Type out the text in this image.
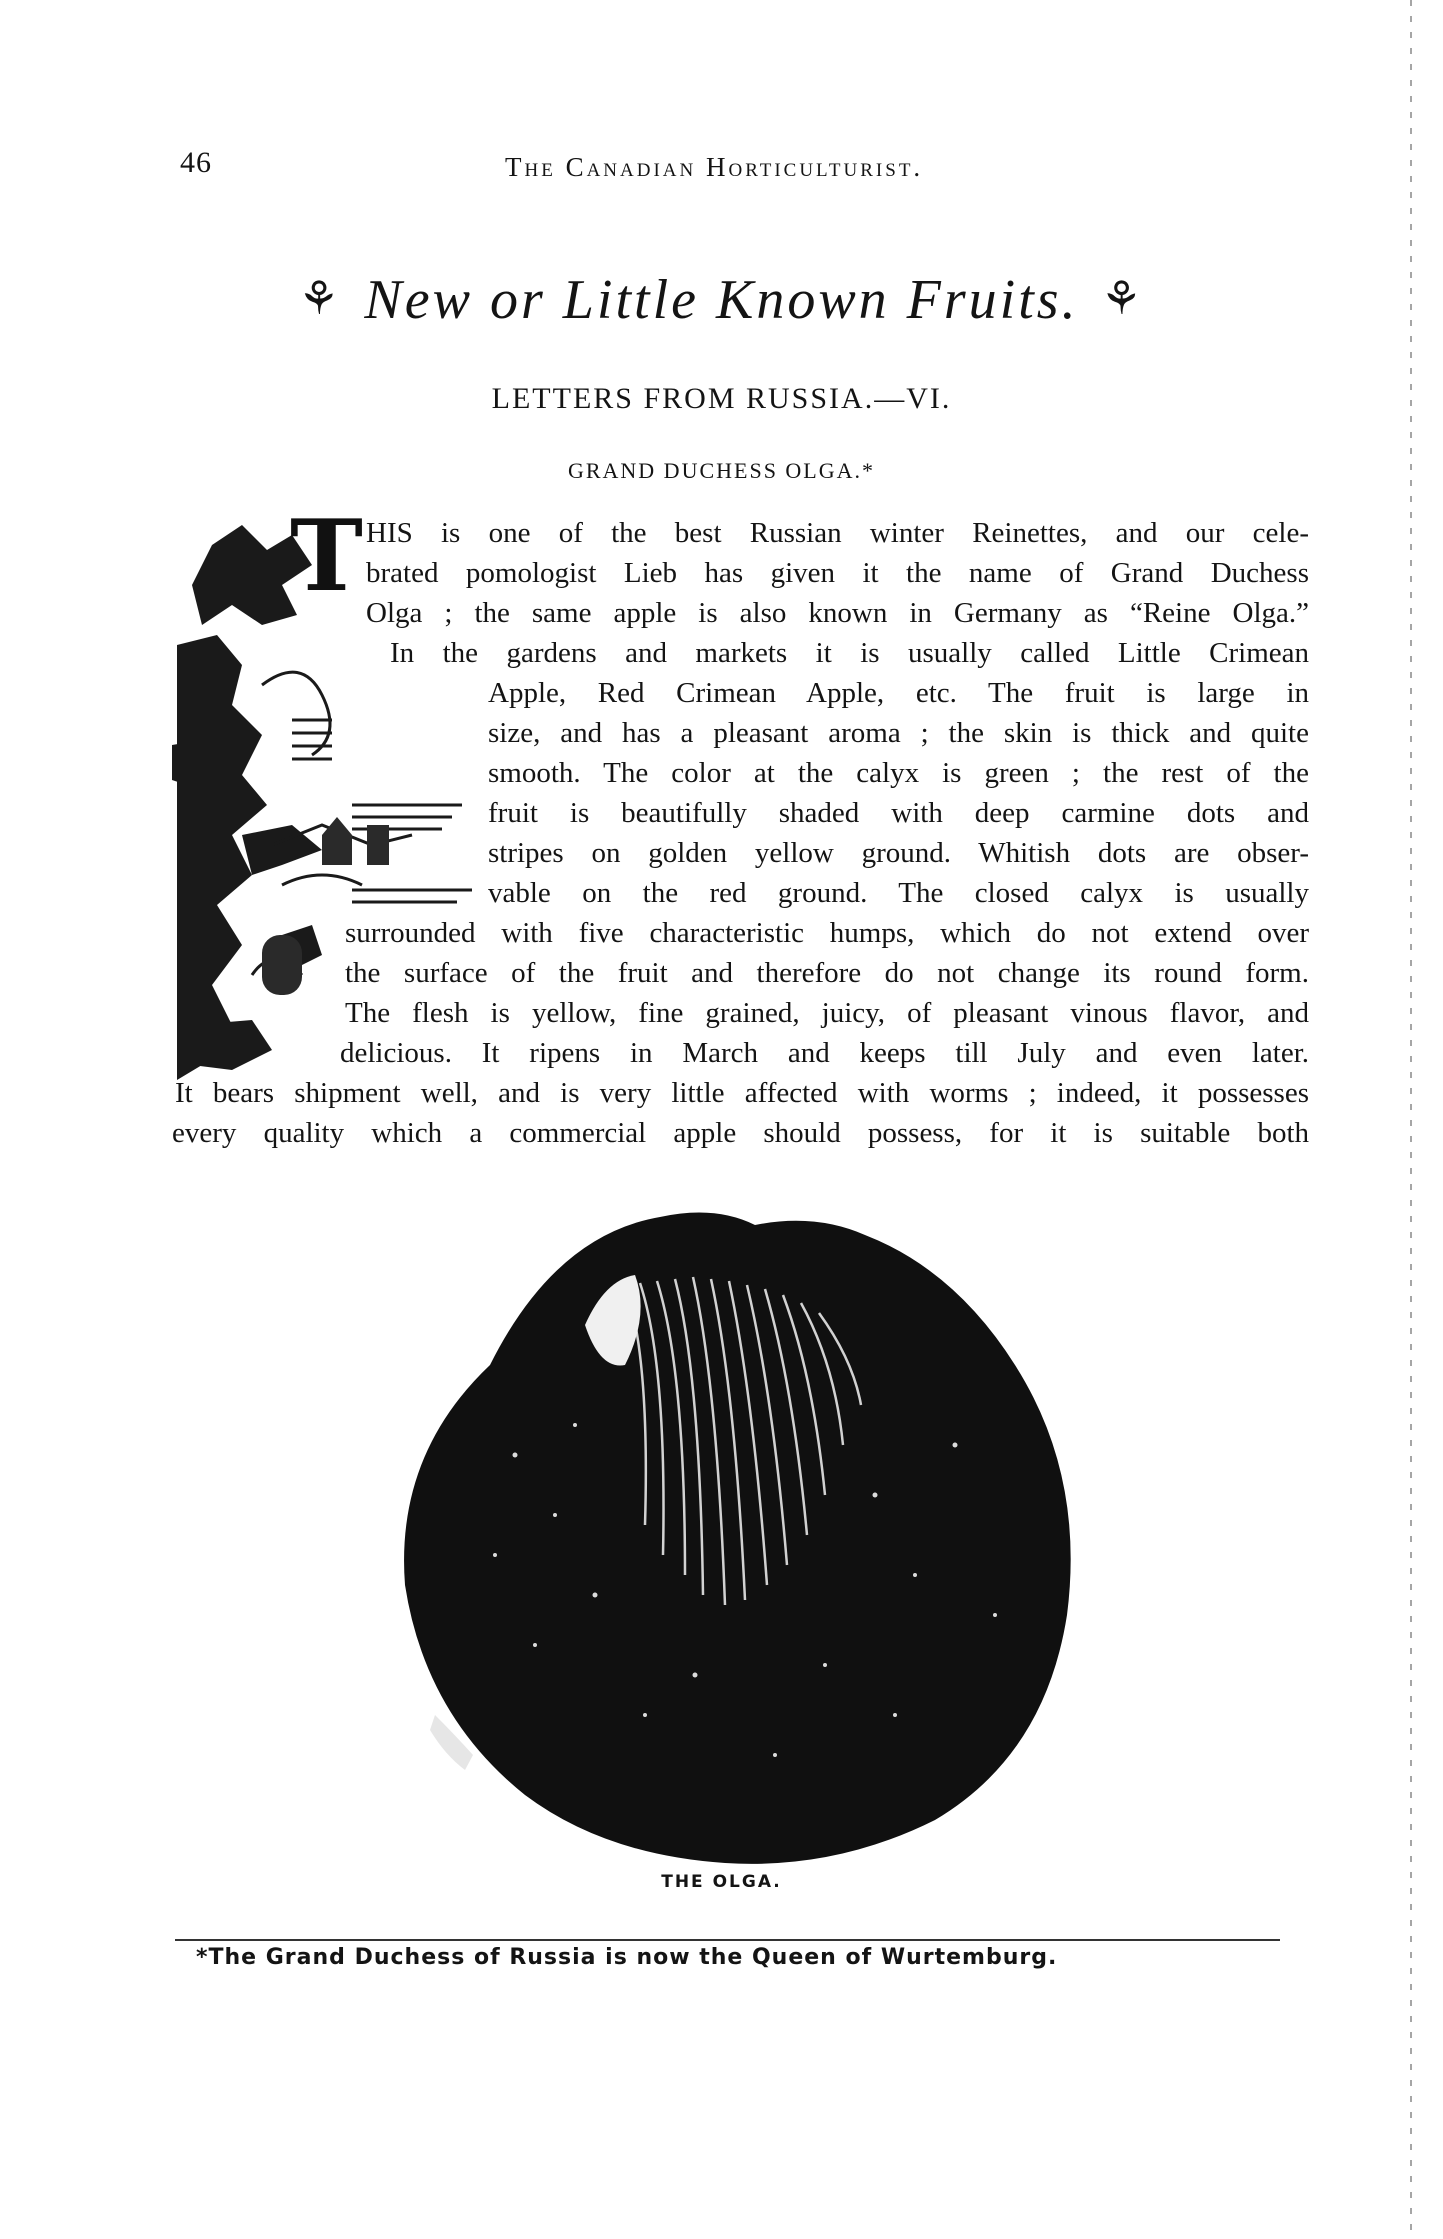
46	The Canadian Horticulturist.
⚘ New or Little Known Fruits. ⚘
LETTERS FROM RUSSIA.—VI.
GRAND DUCHESS OLGA.*
T HIS is one of the best Russian winter Reinettes, and our cele-
brated pomologist Lieb has given it the name of Grand Duchess
Olga ; the same apple is also known in Germany as “Reine Olga.”
In the gardens and markets it is usually called Little Crimean
Apple, Red Crimean Apple, etc. The fruit is large in
size, and has a pleasant aroma ; the skin is thick and quite
smooth. The color at the calyx is green ; the rest of the
fruit is beautifully shaded with deep carmine dots and
stripes on golden yellow ground. Whitish dots are obser-
vable on the red ground. The closed calyx is usually
surrounded with five characteristic humps, which do not extend over
the surface of the fruit and therefore do not change its round form.
The flesh is yellow, fine grained, juicy, of pleasant vinous flavor, and
delicious. It ripens in March and keeps till July and even later.
It bears shipment well, and is very little affected with worms ; indeed, it possesses
every quality which a commercial apple should possess, for it is suitable both
THE OLGA.
*The Grand Duchess of Russia is now the Queen of Wurtemburg.
